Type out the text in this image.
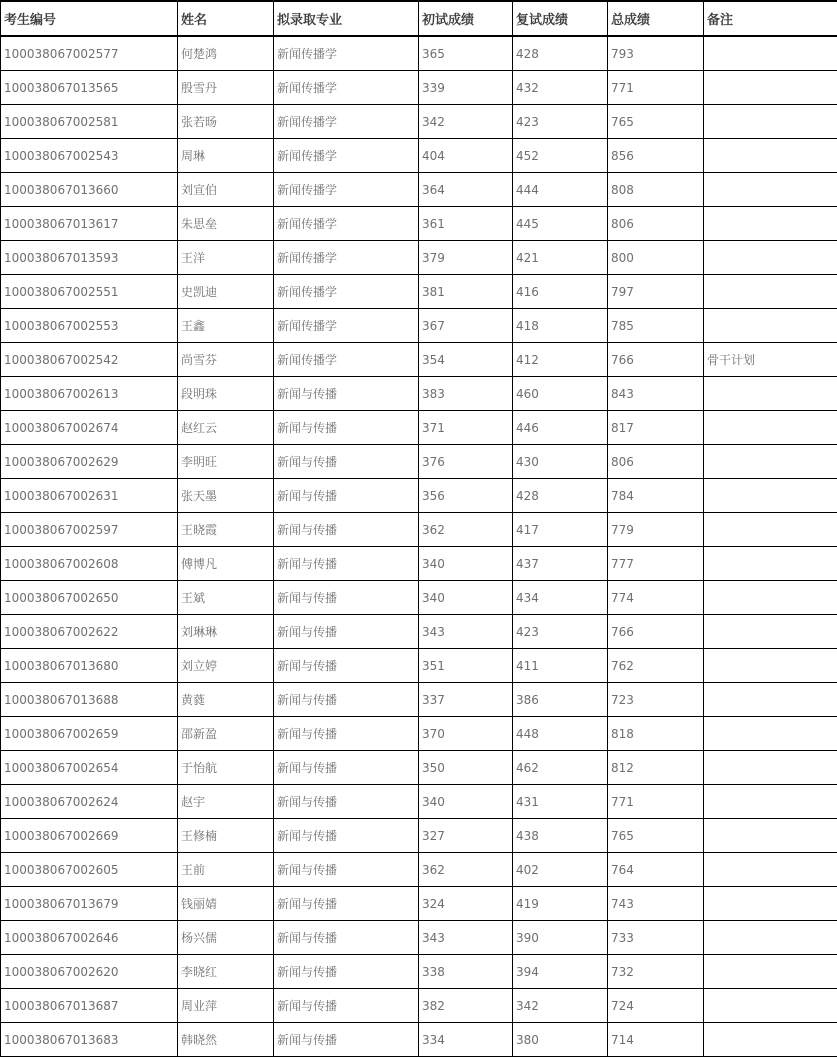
考生编号	姓名	拟录取专业	初试成绩	复试成绩	总成绩	备注
100038067002577	何楚鸿	新闻传播学	365	428	793	
100038067013565	殷雪丹	新闻传播学	339	432	771	
100038067002581	张若旸	新闻传播学	342	423	765	
100038067002543	周琳	新闻传播学	404	452	856	
100038067013660	刘宣伯	新闻传播学	364	444	808	
100038067013617	朱思垒	新闻传播学	361	445	806	
100038067013593	王洋	新闻传播学	379	421	800	
100038067002551	史凯迪	新闻传播学	381	416	797	
100038067002553	王鑫	新闻传播学	367	418	785	
100038067002542	尚雪芬	新闻传播学	354	412	766	骨干计划
100038067002613	段明珠	新闻与传播	383	460	843	
100038067002674	赵红云	新闻与传播	371	446	817	
100038067002629	李明旺	新闻与传播	376	430	806	
100038067002631	张天墨	新闻与传播	356	428	784	
100038067002597	王晓霞	新闻与传播	362	417	779	
100038067002608	傅博凡	新闻与传播	340	437	777	
100038067002650	王斌	新闻与传播	340	434	774	
100038067002622	刘琳琳	新闻与传播	343	423	766	
100038067013680	刘立婷	新闻与传播	351	411	762	
100038067013688	黄蕤	新闻与传播	337	386	723	
100038067002659	邵新盈	新闻与传播	370	448	818	
100038067002654	于怡航	新闻与传播	350	462	812	
100038067002624	赵宇	新闻与传播	340	431	771	
100038067002669	王修楠	新闻与传播	327	438	765	
100038067002605	王前	新闻与传播	362	402	764	
100038067013679	钱丽婧	新闻与传播	324	419	743	
100038067002646	杨兴儒	新闻与传播	343	390	733	
100038067002620	李晓红	新闻与传播	338	394	732	
100038067013687	周业萍	新闻与传播	382	342	724	
100038067013683	韩晓然	新闻与传播	334	380	714	
